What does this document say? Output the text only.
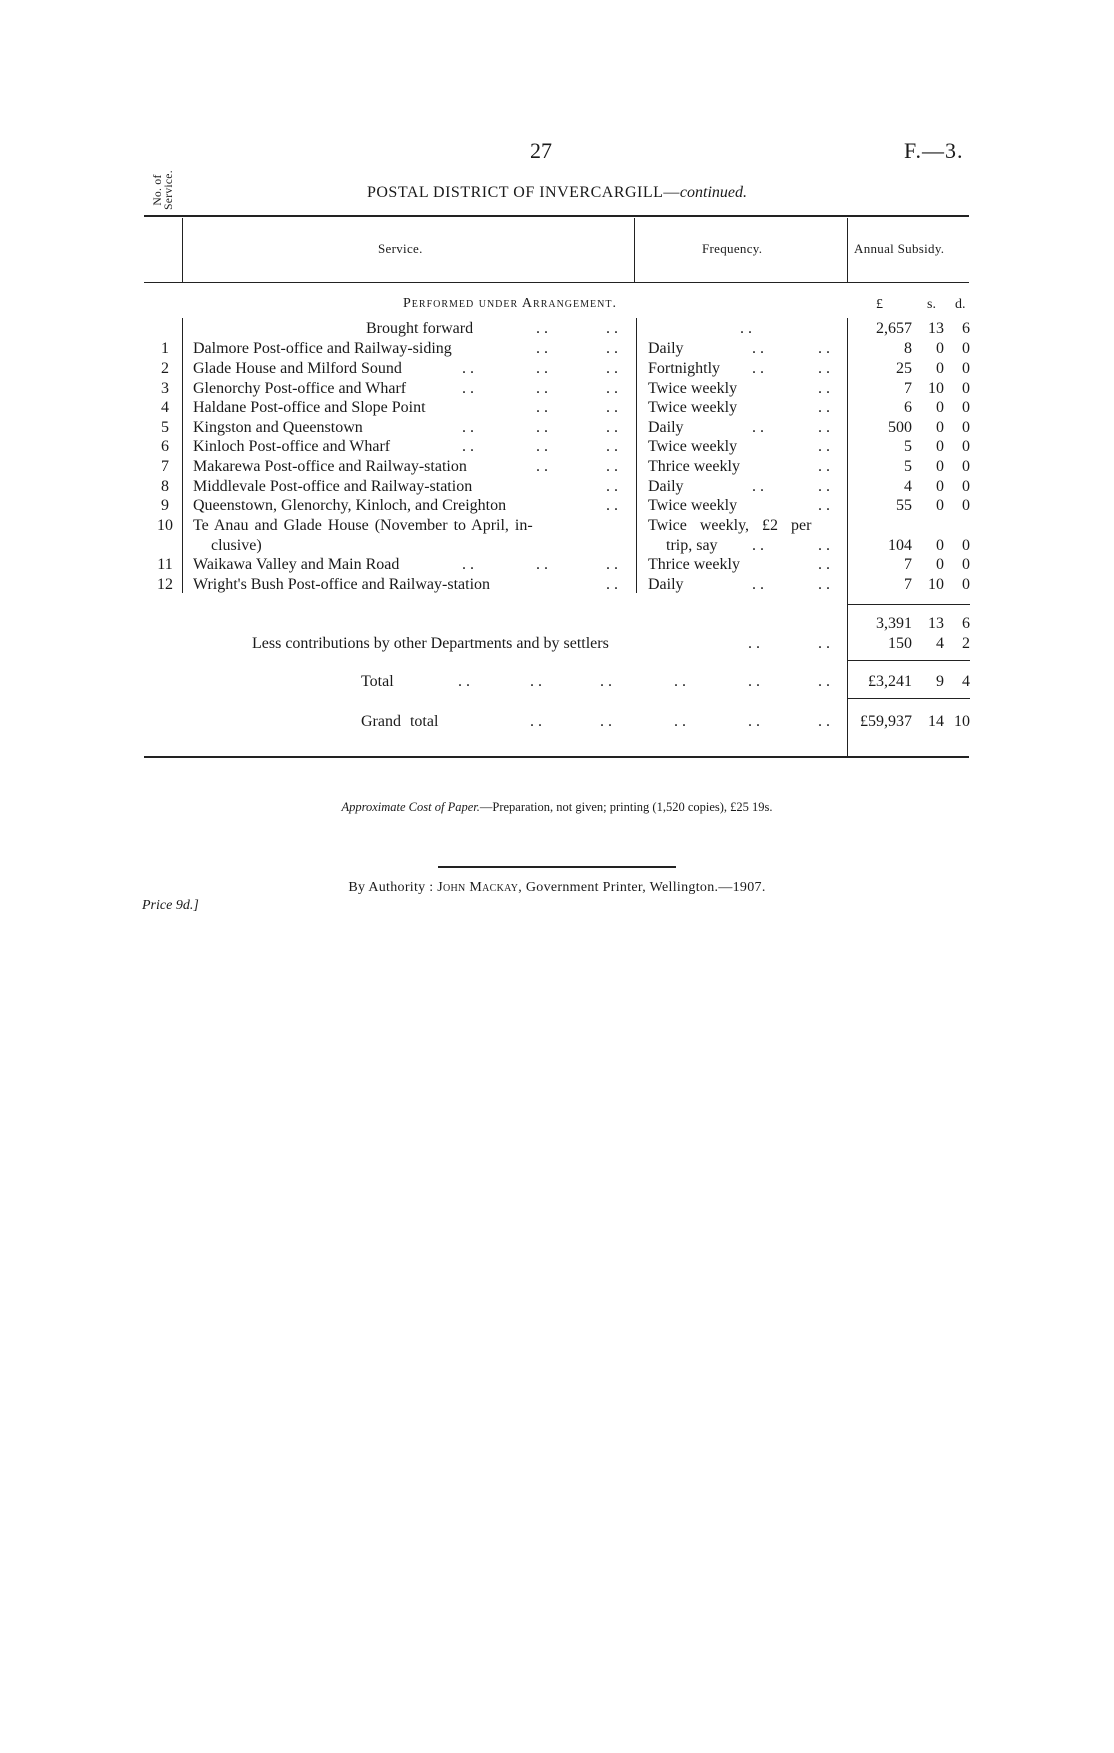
27	F.—3.
POSTAL DISTRICT OF INVERCARGILL—continued.
No. of Service.
Service.	Frequency.	Annual Subsidy.
Performed under Arrangement.	£	s. d.
Brought forward	..	..	..	2,657	13	6
1	Dalmore Post-office and Railway-siding	..	.. Daily	..	..	8	0	0
2	Glade House and Milford Sound	..	..	.. Fortnightly ..	..	25	0	0
3	Glenorchy Post-office and Wharf	..	..	.. Twice weekly	..	7	10	0
4	Haldane Post-office and Slope Point	..	.. Twice weekly	..	6	0	0
5	Kingston and Queenstown	..	..	.. Daily	..	..	500	0	0
6	Kinloch Post-office and Wharf	..	..	.. Twice weekly	..	5	0	0
7	Makarewa Post-office and Railway-station	..	.. Thrice weekly	..	5	0	0
8	Middlevale Post-office and Railway-station	.. Daily	..	..	4	0	0
9	Queenstown, Glenorchy, Kinloch, and Creighton	.. Twice weekly	..	55	0	0
10	Te Anau and Glade House (November to April, in-	Twice weekly, £2 per
clusive)	trip, say ..	..	104	0	0
11	Waikawa Valley and Main Road	..	..	.. Thrice weekly	..	7	0	0
12	Wright's Bush Post-office and Railway-station	.. Daily	..	..	7	10	0
3,391	13	6
Less contributions by other Departments and by settlers	..	..	150	4	2
Total	..	..	..	..	..	..	£3,241	9	4
Grand total	..	..	..	..	..	£59,937	14 10
Approximate Cost of Paper.—Preparation, not given; printing (1,520 copies), £25 19s.
By Authority : John Mackay, Government Printer, Wellington.—1907.
Price 9d.]
